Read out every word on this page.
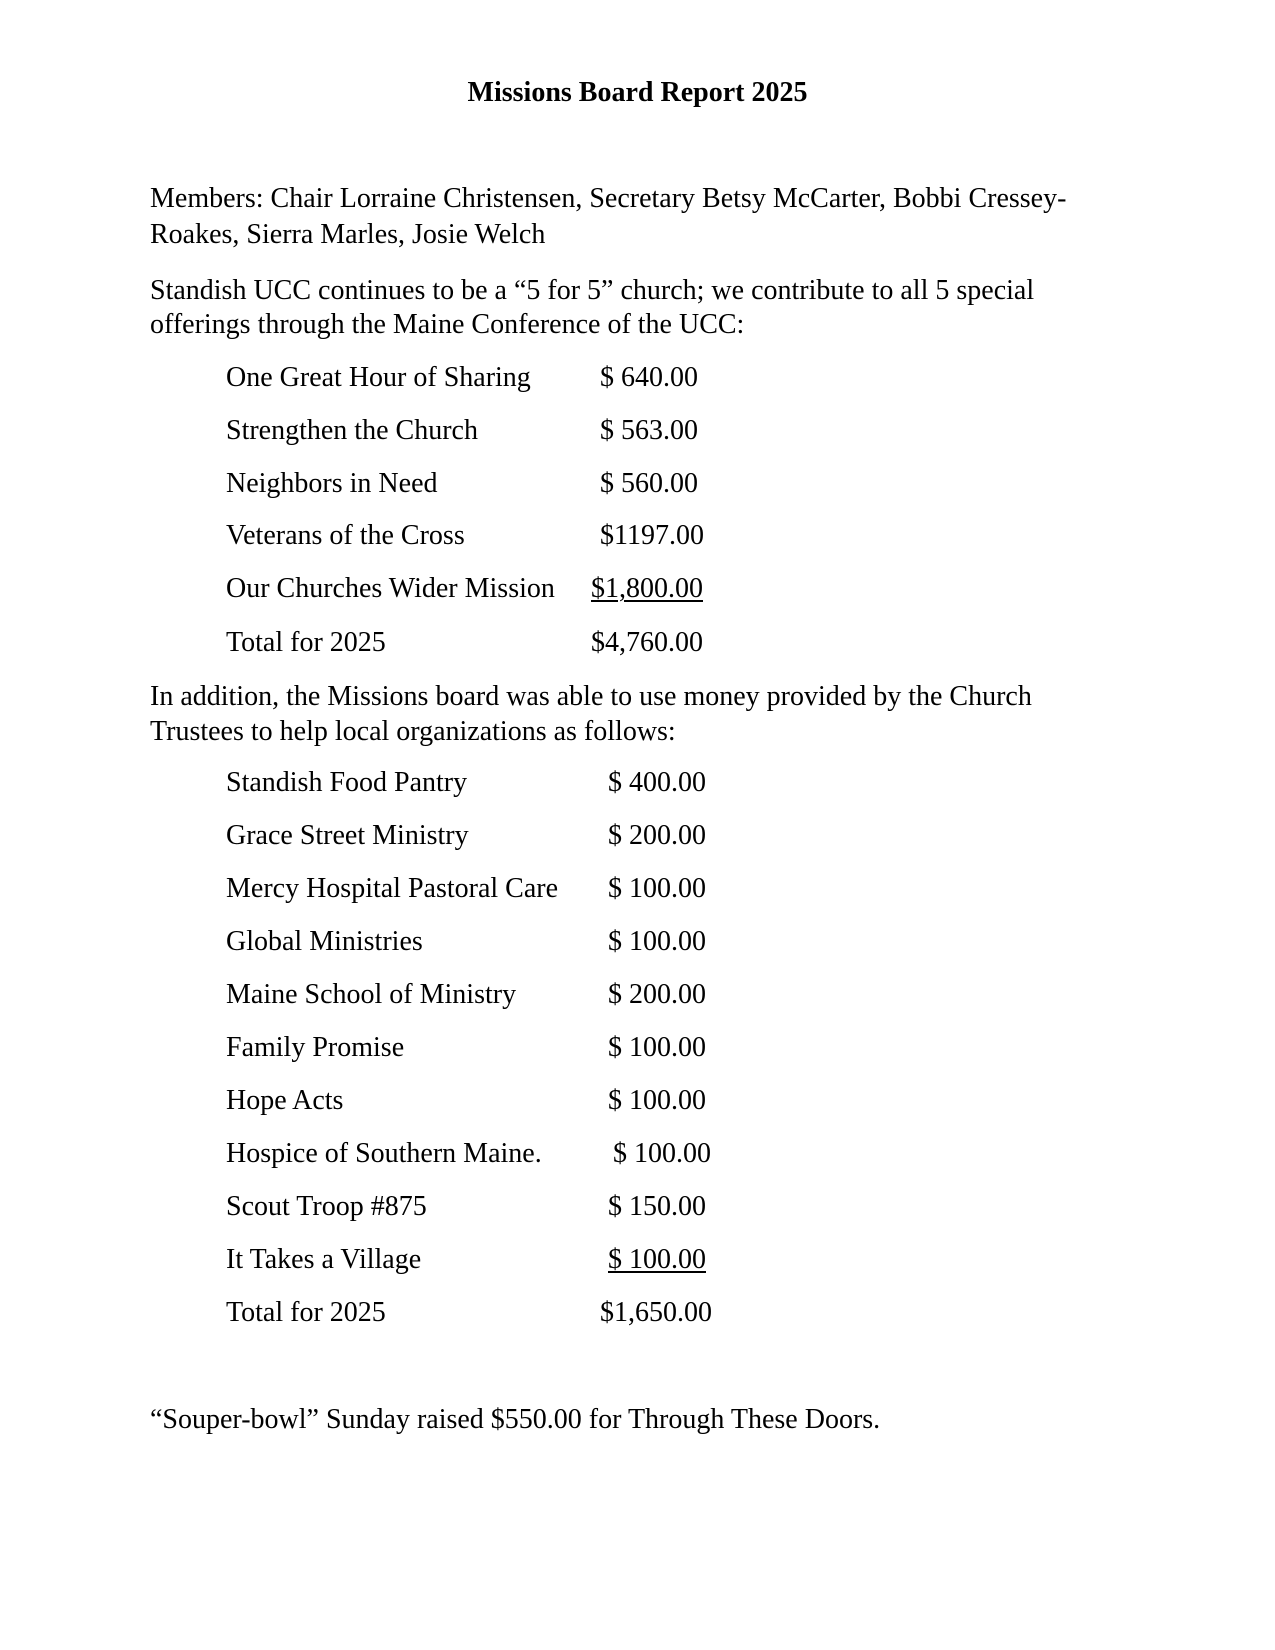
Missions Board Report 2025
Members: Chair Lorraine Christensen, Secretary Betsy McCarter, Bobbi Cressey-
Roakes, Sierra Marles, Josie Welch
Standish UCC continues to be a “5 for 5” church; we contribute to all 5 special
offerings through the Maine Conference of the UCC:
One Great Hour of Sharing $ 640.00
Strengthen the Church	$ 563.00
Neighbors in Need	$ 560.00
Veterans of the Cross	$1197.00
Our Churches Wider Mission $1,800.00
Total for 2025	$4,760.00
In addition, the Missions board was able to use money provided by the Church
Trustees to help local organizations as follows:
Standish Food Pantry	$ 400.00
Grace Street Ministry	$ 200.00
Mercy Hospital Pastoral Care $ 100.00
Global Ministries	$ 100.00
Maine School of Ministry	$ 200.00
Family Promise	$ 100.00
Hope Acts	$ 100.00
Hospice of Southern Maine.	$ 100.00
Scout Troop #875	$ 150.00
It Takes a Village	$ 100.00
Total for 2025	$1,650.00
“Souper-bowl” Sunday raised $550.00 for Through These Doors.
